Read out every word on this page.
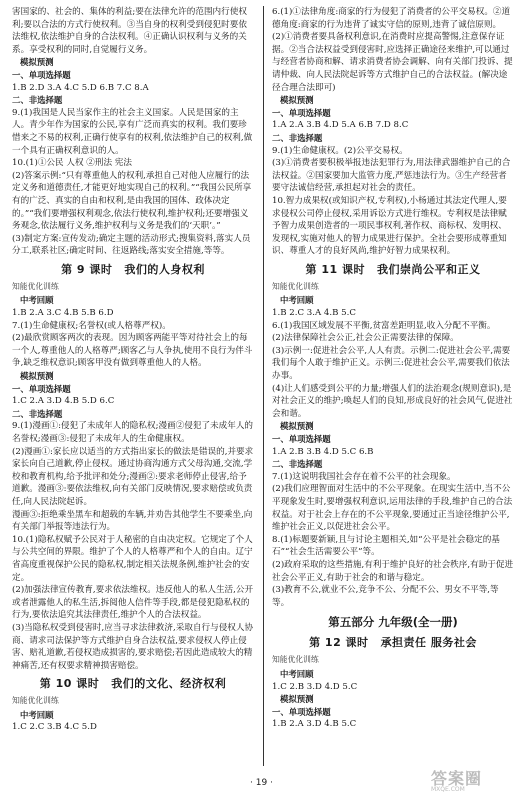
害国家的、社会的、集体的利益;要在法律允许的范围内行使权利;要以合法的方式行使权利。③当自身的权利受到侵犯时要依法维权,依法维护自身的合法权利。④正确认识权利与义务的关系。享受权利的同时,自觉履行义务。
模拟预测
一、单项选择题
1.B 2.D 3.A 4.C 5.D 6.B 7.C 8.A
二、非选择题
9.(1)我国是人民当家作主的社会主义国家。人民是国家的主人。青少年作为国家的公民,享有广泛而真实的权利。我们要珍惜来之不易的权利,正确行使享有的权利,依法维护自己的权利,做一个具有正确权利意识的人。
10.(1)①公民 人权 ②刑法 宪法
(2)答案示例:“只有尊重他人的权利,承担自己对他人应履行的法定义务和道德责任,才能更好地实现自己的权利。”“我国公民所享有的广泛、真实的自由和权利,是由我国的国体、政体决定的。”“我们要增强权利观念,依法行使权利,维护权利;还要增强义务观念,依法履行义务,维护权利与义务是我们的‘天职’。”
(3)制定方案:宣传发动;确定主题的活动形式;搜集资料,落实人员分工,联系社区;确定时间、往返路线;落实安全措施,等等。
第 9 课时 我们的人身权利
知能优化训练
中考回顾
1.B 2.A 3.C 4.B 5.B 6.D
7.(1)生命健康权;名誉权(或人格尊严权)。
(2)最欣赏顾客两次的表现。因为顾客两能平等对待社会上的每一个人,尊重他人的人格尊严;顾客乙与人争执,使用不良行为伴斗争,缺乏维权意识;顾客甲没有做到尊重他人的人格。
模拟预测
一、单项选择题
1.C 2.A 3.D 4.B 5.D 6.C
二、非选择题
9.(1)漫画①:侵犯了未成年人的隐私权;漫画②侵犯了未成年人的名誉权;漫画③:侵犯了未成年人的生命健康权。
(2)漫画①:家长应以适当的方式指出家长的做法是错误的,并要求家长向自己道歉,停止侵权。通过协商沟通方式父母沟通,交流,学校和教育机构,给予批评和处分;漫画②:要求老师停止侵害,给予道歉。漫画③:要依法维权,向有关部门反映情况,要求赔偿或负责任,向人民法院起诉。
漫画③:拒绝乘坐黑车和超载的车辆,并劝告其他学生不要乘坐,向有关部门举报等违法行为。
10.(1)隐私权赋予公民对于人秘密的自由决定权。它规定了个人与公共空间的界限。维护了个人的人格尊严和个人的自由。辽宁省高度重视保护公民的隐私权,制定相关法规条例,维护社会的安定。
(2)加强法律宣传教育,要求依法维权。违反他人的私人生活,公开或者泄露他人的私生活,拆阅他人信件等手段,都是侵犯隐私权的行为,要依法追究其法律责任,维护个人的合法权益。
(3)当隐私权受到侵害时,应当寻求法律救济,采取自行与侵权人协商、请求司法保护等方式维护自身合法权益,要求侵权人停止侵害、赔礼道歉,若侵权造成损害的,要求赔偿;若因此造成较大的精神痛苦,还有权要求精神损害赔偿。
第 10 课时 我们的文化、经济权利
知能优化训练
中考回顾
1.C 2.C 3.B 4.C 5.D
6.(1)①法律角度:商家的行为侵犯了消费者的公平交易权。②道德角度:商家的行为违背了诚实守信的原则,违背了诚信原则。
(2)①消费者要具备权利意识,在消费时应提高警惕,注意保存证据。②当合法权益受到侵害时,应选择正确途径来维护,可以通过与经营者协商和解、请求消费者协会调解、向有关部门投诉、提请仲裁、向人民法院起诉等方式维护自己的合法权益。(解决途径合理合法即可)
模拟预测
一、单项选择题
1.A 2.A 3.B 4.D 5.A 6.B 7.D 8.C
二、非选择题
9.(1)生命健康权。(2)公平交易权。
(3)①消费者要积极举报违法犯罪行为,用法律武器维护自己的合法权益。②国家要加大监管力度,严惩违法行为。③生产经营者要守法诚信经营,承担起对社会的责任。
10.智力成果权(或知识产权,专利权),小杨通过其法定代理人,要求侵权公司停止侵权,采用诉讼方式进行维权。专利权是法律赋予智力成果创造者的一项民事权利,著作权、商标权、发明权、发现权,实施对他人的智力成果进行保护。全社会要形成尊重知识、尊重人才的良好风尚,维护好智力成果权利。
第 11 课时 我们崇尚公平和正义
知能优化训练
中考回顾
1.B 2.C 3.A 4.B 5.C
6.(1)我国区域发展不平衡,贫富差距明显,收入分配不平衡。
(2)法律保障社会公正,社会公正需要法律的保障。
(3)示例一:促进社会公平,人人有责。示例二:促进社会公平,需要我们每个人敢于维护正义。示例三:促进社会公平,需要我们依法办事。
(4)让人们感受到公平的力量;增强人们的法治观念(规则意识),是对社会正义的维护;唤起人们的良知,形成良好的社会风气,促进社会和谐。
模拟预测
一、单项选择题
1.A 2.B 3.B 4.D 5.C 6.B
二、非选择题
7.(1)这说明我国社会存在着不公平的社会现象。
(2)我们应理智面对生活中的不公平现象。在现实生活中,当不公平现象发生时,要增强权利意识,运用法律的手段,维护自己的合法权益。对于社会上存在的不公平现象,要通过正当途径维护公平,维护社会正义,以促进社会公平。
8.(1)标题要新颖,且与讨论主题相关,如“公平是社会稳定的基石”“社会生活需要公平”等。
(2)政府采取的这些措施,有利于维护良好的社会秩序,有助于促进社会公平正义,有助于社会的和谐与稳定。
(3)教育不公,就业不公,竞争不公、分配不公、男女不平等,等等。
第五部分 九年级(全一册)
第 12 课时 承担责任 服务社会
知能优化训练
中考回顾
1.C 2.B 3.D 4.D 5.C
模拟预测
一、单项选择题
1.B 2.A 3.D 4.B 5.C
· 19 ·	答案圈
MXQE.COM
